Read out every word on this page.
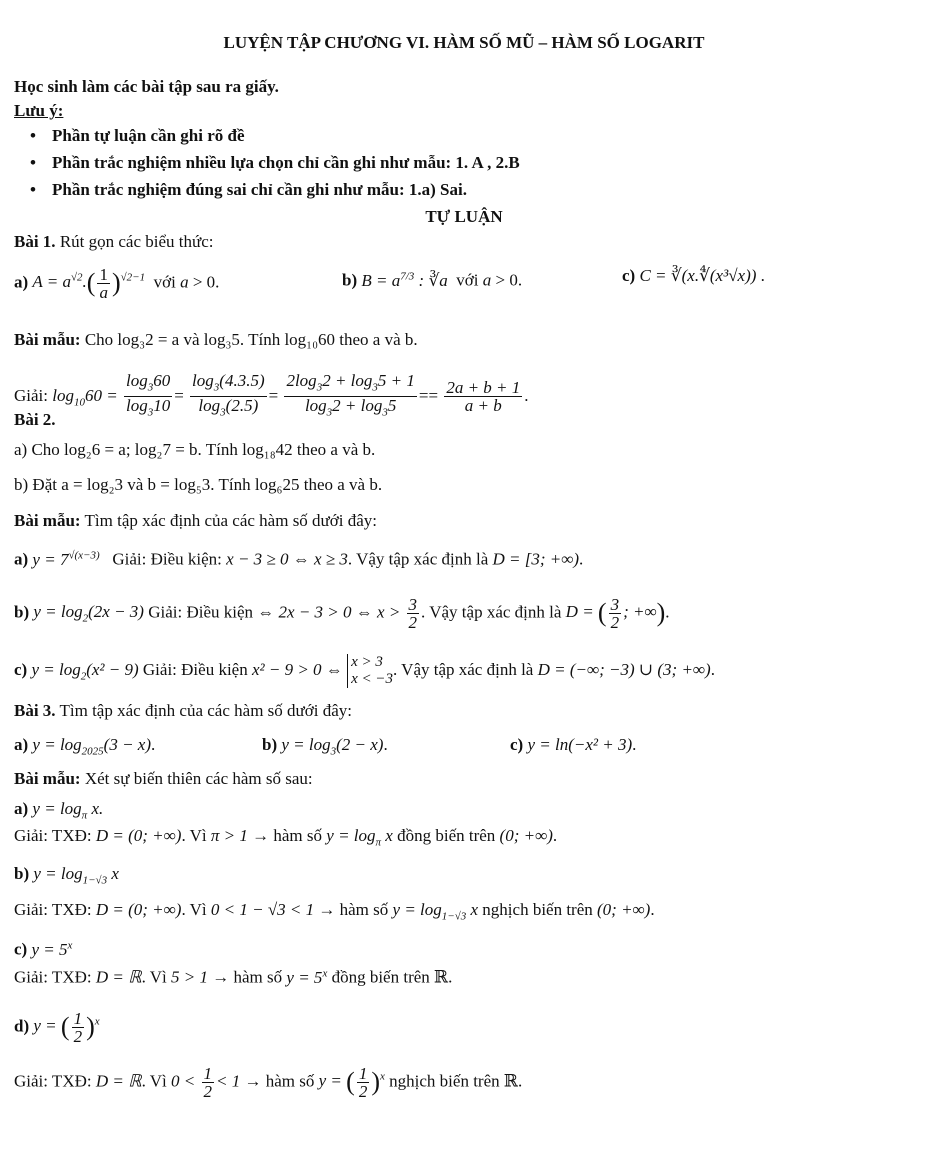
LUYỆN TẬP CHƯƠNG VI. HÀM SỐ MŨ – HÀM SỐ LOGARIT
Học sinh làm các bài tập sau ra giấy.
Lưu ý:
• Phần tự luận cần ghi rõ đề
• Phần trắc nghiệm nhiều lựa chọn chỉ cần ghi như mẫu: 1. A , 2.B
• Phần trắc nghiệm đúng sai chỉ cần ghi như mẫu: 1.a) Sai.
TỰ LUẬN
Bài 1. Rút gọn các biểu thức:
a) $A = a^{√2}.( \frac{1}{a} )^{√2-1}$  với a > 0.	b) $B = a^{7/3}$ : ∛a  với a > 0.	c) C = ∛(x.∜(x³√x)) .
Bài mẫu: Cho log₃2 = a và log₃5. Tính log₁₀60 theo a và b.
Giải: $\log_{10}60 = \frac{\log_360}{\log_310} = \frac{\log_3(4.3.5)}{\log_3(2.5)} = \frac{2\log_32 + \log_35 + 1}{\log_32 + \log_35} == \frac{2a + b + 1}{a + b}$ .
Bài 2.
a) Cho log₂6 = a; log₂7 = b. Tính log₁₈42 theo a và b.
b) Đặt a = log₂3 và b = log₅3. Tính log₆25 theo a và b.
Bài mẫu: Tìm tập xác định của các hàm số dưới đây:
a) $y = 7^{√(x-3)}$   Giải: Điều kiện: x − 3 ≥ 0 ⇔ x ≥ 3. Vậy tập xác định là D = [3; +∞).
b) $y = \log_2(2x - 3)$ Giải: Điều kiện ⇔ 2x − 3 > 0 ⇔ $x > \frac{3}{2}$ . Vậy tập xác định là D = ( $\frac{3}{2}$ ; +∞).
c) $y = \log_2(x^2 - 9)$ Giải: Điều kiện x² − 9 > 0 ⇔ x > 3
x < −3. Vậy tập xác định là D = (−∞; −3) ∪ (3; +∞).
Bài 3. Tìm tập xác định của các hàm số dưới đây:
a) $y = \log_{2025}(3 - x)$.	b) $y = \log_3(2 - x)$.	c) y = ln(−x² + 3).
Bài mẫu: Xét sự biến thiên các hàm số sau:
a) $y = \log_\pi x$.
Giải: TXĐ: D = (0; +∞). Vì π > 1 → hàm số $y = \log_\pi x$ đồng biến trên (0; +∞).
b) $y = \log_{1-√3} x$
Giải: TXĐ: D = (0; +∞). Vì 0 < 1 − √3 < 1 → hàm số $y = \log_{1-√3} x$ nghịch biến trên (0; +∞).
c) $y = 5^x$
Giải: TXĐ: D = ℝ. Vì 5 > 1 → hàm số $y = 5^x$ đồng biến trên ℝ.
d) y = ( $\frac{1}{2} )^x$
Giải: TXĐ: D = ℝ. Vì $0 < \frac{1}{2} < 1$ → hàm số y = ( $\frac{1}{2} )^x$ nghịch biến trên ℝ.
